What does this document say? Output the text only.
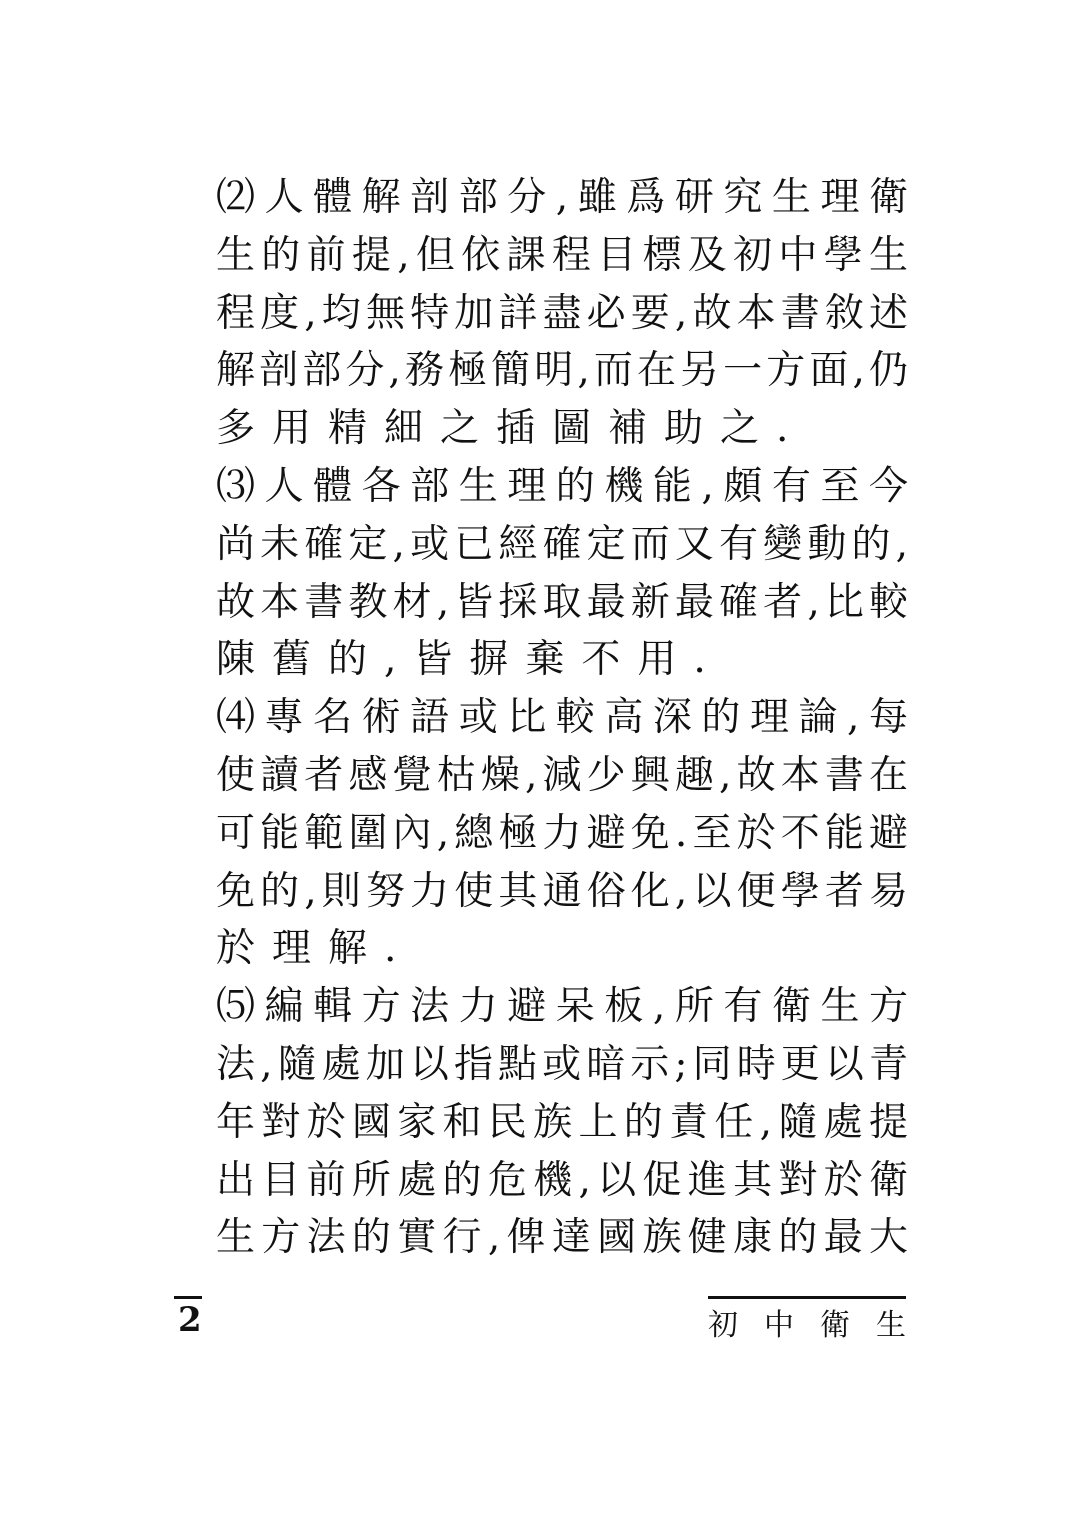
⑵人體解剖部分,雖爲研究生理衛
生的前提,但依課程目標及初中學生
程度,均無特加詳盡必要,故本書敘述
解剖部分,務極簡明,而在另一方面,仍
多用精細之插圖補助之.
⑶人體各部生理的機能,頗有至今
尚未確定,或已經確定而又有變動的,
故本書教材,皆採取最新最確者,比較
陳舊的,皆摒棄不用.
⑷專名術語或比較高深的理論,每
使讀者感覺枯燥,減少興趣,故本書在
可能範圍內,總極力避免.至於不能避
免的,則努力使其通俗化,以便學者易
於理解.
⑸編輯方法力避呆板,所有衛生方
法,隨處加以指點或暗示;同時更以青
年對於國家和民族上的責任,隨處提
出目前所處的危機,以促進其對於衛
生方法的實行,俾達國族健康的最大
2	初 中 衛 生
